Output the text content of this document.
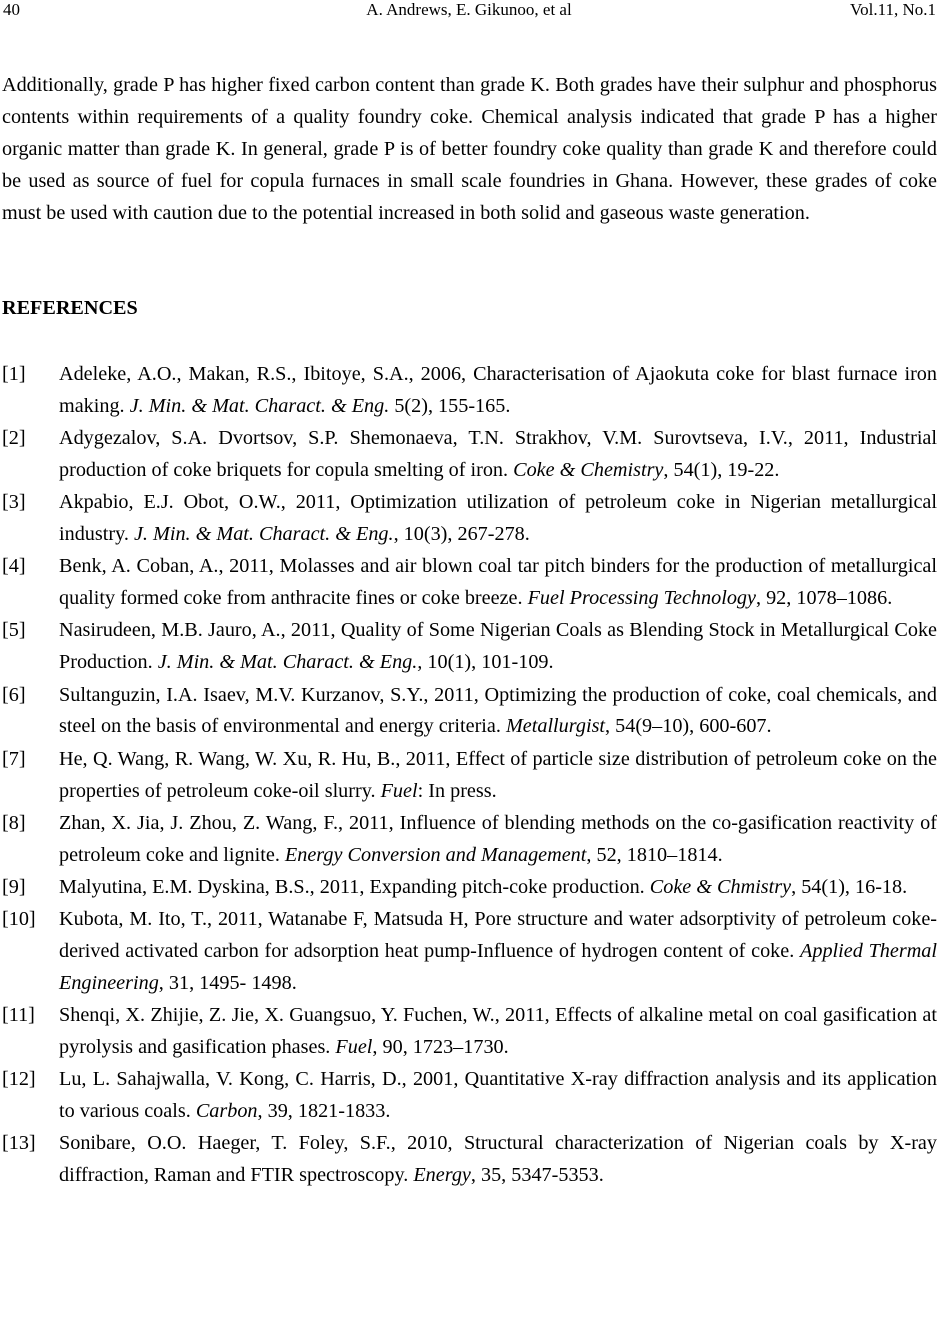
40	A. Andrews, E. Gikunoo, et al	Vol.11, No.1

Additionally, grade P has higher fixed carbon content than grade K. Both grades have their sulphur and phosphorus contents within requirements of a quality foundry coke. Chemical analysis indicated that grade P has a higher organic matter than grade K. In general, grade P is of better foundry coke quality than grade K and therefore could be used as source of fuel for copula furnaces in small scale foundries in Ghana. However, these grades of coke must be used with caution due to the potential increased in both solid and gaseous waste generation.

REFERENCES
[1]	Adeleke, A.O., Makan, R.S., Ibitoye, S.A., 2006, Characterisation of Ajaokuta coke for blast furnace iron making. J. Min. & Mat. Charact. & Eng. 5(2), 155-165.
[2]	Adygezalov, S.A. Dvortsov, S.P. Shemonaeva, T.N. Strakhov, V.M. Surovtseva, I.V., 2011, Industrial production of coke briquets for copula smelting of iron. Coke & Chemistry, 54(1), 19-22.
[3]	Akpabio, E.J. Obot, O.W., 2011, Optimization utilization of petroleum coke in Nigerian metallurgical industry. J. Min. & Mat. Charact. & Eng., 10(3), 267-278.
[4]	Benk, A. Coban, A., 2011, Molasses and air blown coal tar pitch binders for the production of metallurgical quality formed coke from anthracite fines or coke breeze. Fuel Processing Technology, 92, 1078–1086.
[5]	Nasirudeen, M.B. Jauro, A., 2011, Quality of Some Nigerian Coals as Blending Stock in Metallurgical Coke Production. J. Min. & Mat. Charact. & Eng., 10(1), 101-109.
[6]	Sultanguzin, I.A. Isaev, M.V. Kurzanov, S.Y., 2011, Optimizing the production of coke, coal chemicals, and steel on the basis of environmental and energy criteria. Metallurgist, 54(9–10), 600-607.
[7]	He, Q. Wang, R. Wang, W. Xu, R. Hu, B., 2011, Effect of particle size distribution of petroleum coke on the properties of petroleum coke-oil slurry. Fuel: In press.
[8]	Zhan, X. Jia, J. Zhou, Z. Wang, F., 2011, Influence of blending methods on the co-gasification reactivity of petroleum coke and lignite. Energy Conversion and Management, 52, 1810–1814.
[9]	Malyutina, E.M. Dyskina, B.S., 2011, Expanding pitch-coke production. Coke & Chmistry, 54(1), 16-18.
[10]	Kubota, M. Ito, T., 2011, Watanabe F, Matsuda H, Pore structure and water adsorptivity of petroleum coke-derived activated carbon for adsorption heat pump-Influence of hydrogen content of coke. Applied Thermal Engineering, 31, 1495- 1498.
[11]	Shenqi, X. Zhijie, Z. Jie, X. Guangsuo, Y. Fuchen, W., 2011, Effects of alkaline metal on coal gasification at pyrolysis and gasification phases. Fuel, 90, 1723–1730.
[12]	Lu, L. Sahajwalla, V. Kong, C. Harris, D., 2001, Quantitative X-ray diffraction analysis and its application to various coals. Carbon, 39, 1821-1833.
[13]	Sonibare, O.O. Haeger, T. Foley, S.F., 2010, Structural characterization of Nigerian coals by X-ray diffraction, Raman and FTIR spectroscopy. Energy, 35, 5347-5353.
